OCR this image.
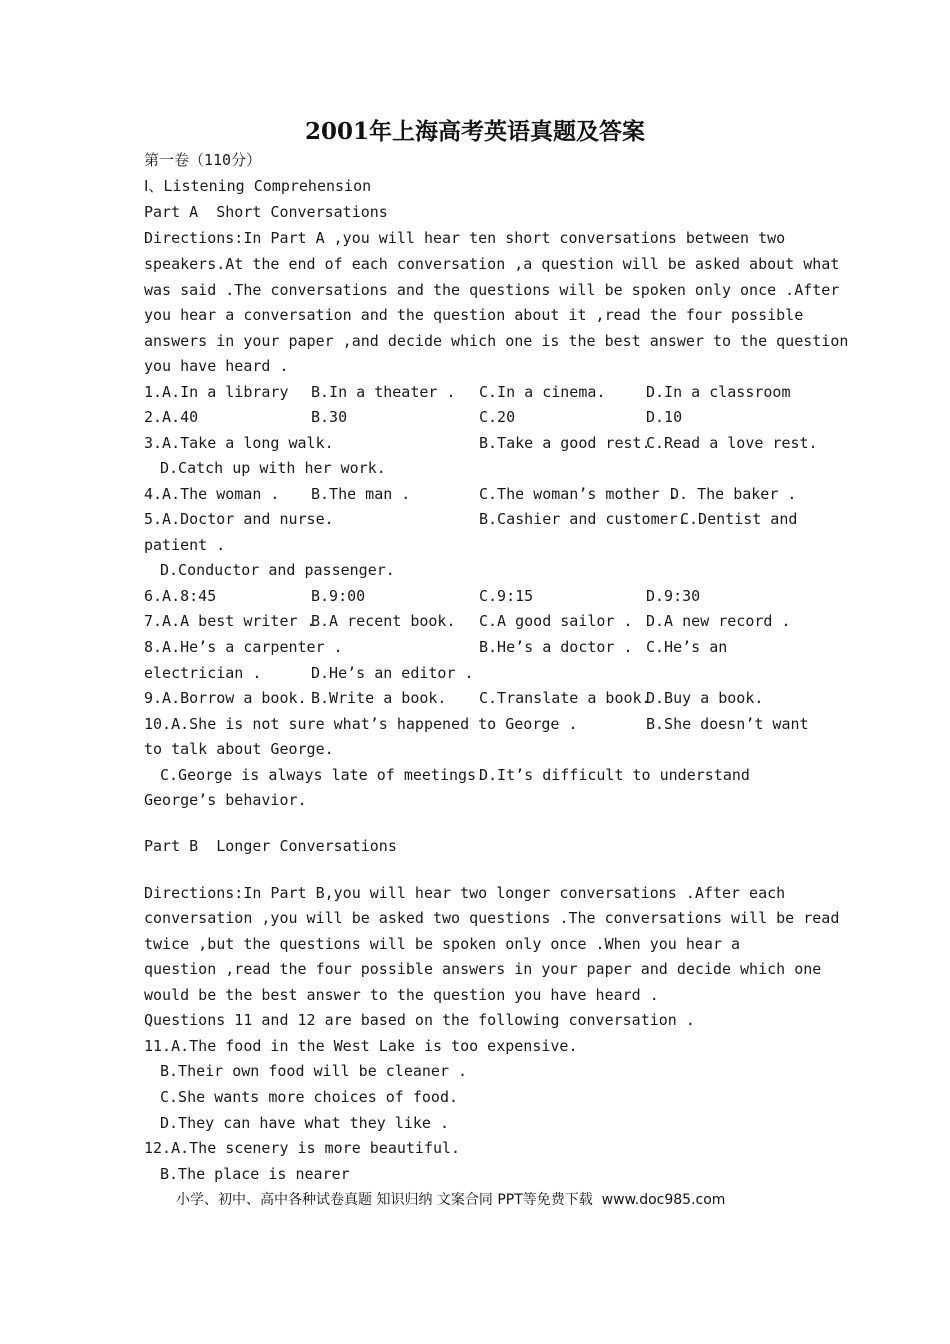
2001年上海高考英语真题及答案
第一卷（110分）
Ⅰ、Listening Comprehension
Part A  Short Conversations
Directions:In Part A ,you will hear ten short conversations between two
speakers.At the end of each conversation ,a question will be asked about what
was said .The conversations and the questions will be spoken only once .After
you hear a conversation and the question about it ,read the four possible
answers in your paper ,and decide which one is the best answer to the question
you have heard .
1.A.In a library B.In a theater . C.In a cinema.	D.In a classroom
2.A.40	B.30	C.20	D.10
3.A.Take a long walk.	B.Take a good rest.
C.Read a love rest.
D.Catch up with her work.
4.A.The woman . B.The man .	C.The woman’s mother .
D. The baker .
5.A.Doctor and nurse.	B.Cashier and customer.
C.Dentist and
patient .
D.Conductor and passenger.
6.A.8:45	B.9:00	C.9:15	D.9:30
7.A.A best writer .
B.A recent book. C.A good sailor . D.A new record .
8.A.He’s a carpenter .	B.He’s a doctor . C.He’s an
electrician .	D.He’s an editor .
9.A.Borrow a book. B.Write a book. C.Translate a book.
D.Buy a book.
10.A.She is not sure what’s happened to George .	B.She doesn’t want
to talk about George.
C.George is always late of meetings.
D.It’s difficult to understand
George’s behavior.
Part B  Longer Conversations
Directions:In Part B,you will hear two longer conversations .After each
conversation ,you will be asked two questions .The conversations will be read
twice ,but the questions will be spoken only once .When you hear a
question ,read the four possible answers in your paper and decide which one
would be the best answer to the question you have heard .
Questions 11 and 12 are based on the following conversation .
11.A.The food in the West Lake is too expensive.
B.Their own food will be cleaner .
C.She wants more choices of food.
D.They can have what they like .
12.A.The scenery is more beautiful.
B.The place is nearer
小学、初中、高中各种试卷真题 知识归纳 文案合同 PPT等免费下载  www.doc985.com
